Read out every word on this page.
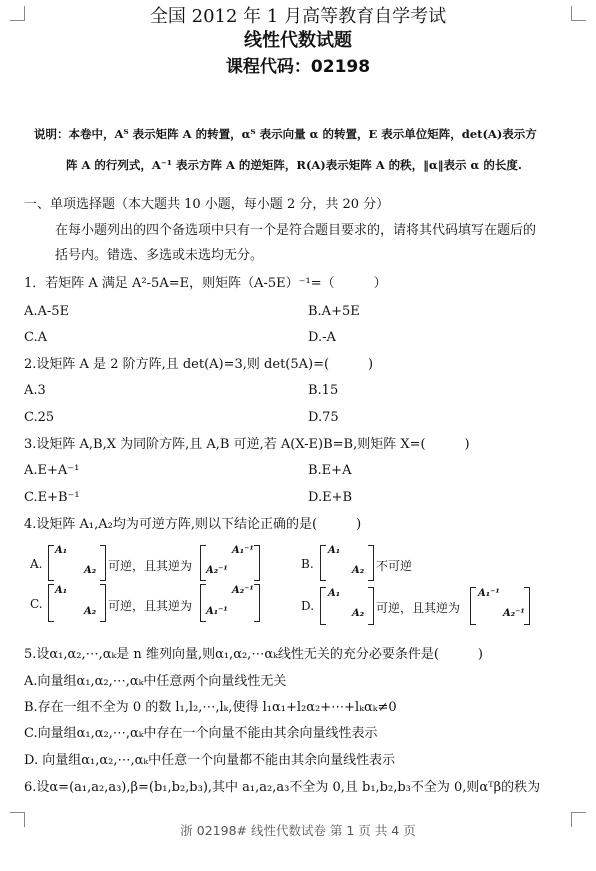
全国 2012 年 1 月高等教育自学考试
线性代数试题
课程代码：02198
说明：本卷中，Aᵀ 表示矩阵 A 的转置，αᵀ 表示向量 α 的转置，E 表示单位矩阵，det(A)表示方
阵 A 的行列式，A⁻¹ 表示方阵 A 的逆矩阵，R(A)表示矩阵 A 的秩，‖α‖表示 α 的长度.
一、单项选择题（本大题共 10 小题，每小题 2 分，共 20 分）
在每小题列出的四个备选项中只有一个是符合题目要求的，请将其代码填写在题后的
括号内。错选、多选或未选均无分。
1．若矩阵 A 满足 A²-5A=E，则矩阵（A-5E）⁻¹=（　　　）
A.A-5E	B.A+5E
C.A	D.-A
2.设矩阵 A 是 2 阶方阵,且 det(A)=3,则 det(5A)=(　　　)
A.3	B.15
C.25	D.75
3.设矩阵 A,B,X 为同阶方阵,且 A,B 可逆,若 A(X-E)B=B,则矩阵 X=(　　　)
A.E+A⁻¹	B.E+A
C.E+B⁻¹	D.E+B
4.设矩阵 A₁,A₂均为可逆方阵,则以下结论正确的是(　　　)
A.
A₁
A₂ 可逆，且其逆为
A₁⁻¹
A₂⁻¹	B.
A₁
A₂ 不可逆
C.
A₁
A₂ 可逆，且其逆为
A₂⁻¹
A₁⁻¹	D.
A₁
A₂ 可逆，且其逆为
A₁⁻¹
A₂⁻¹
5.设α₁,α₂,⋯,αₖ是 n 维列向量,则α₁,α₂,⋯αₖ线性无关的充分必要条件是(　　　)
A.向量组α₁,α₂,⋯,αₖ中任意两个向量线性无关
B.存在一组不全为 0 的数 l₁,l₂,⋯,lₖ,使得 l₁α₁+l₂α₂+⋯+lₖαₖ≠0
C.向量组α₁,α₂,⋯,αₖ中存在一个向量不能由其余向量线性表示
D. 向量组α₁,α₂,⋯,αₖ中任意一个向量都不能由其余向量线性表示
6.设α=(a₁,a₂,a₃),β=(b₁,b₂,b₃),其中 a₁,a₂,a₃不全为 0,且 b₁,b₂,b₃不全为 0,则αᵀβ的秩为
浙 02198# 线性代数试卷 第 1 页 共 4 页
